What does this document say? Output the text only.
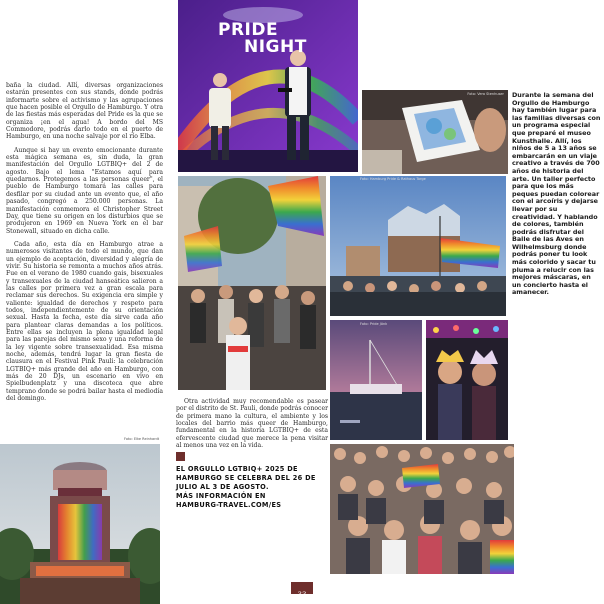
baña la ciudad. Allí, diversas organizaciones estarán presentes con sus stands, donde podrás informarte sobre el activismo y las agrupaciones que hacen posible el Orgullo de Hamburgo. Y otra de las fiestas más esperadas del Pride es la que se organiza ¡en el agua! A bordo del MS Commodore, podrás darlo todo en el puerto de Hamburgo, en una noche salvaje por el río Elba.

Aunque si hay un evento emocionante durante esta mágica semana es, sin duda, la gran manifestación del Orgullo LGTBIQ+ del 2 de agosto. Bajo el lema "Estamos aquí para quedarnos. Protegemos a las personas queer", el pueblo de Hamburgo tomará las calles para desfilar por su ciudad ante un evento que, el año pasado, congregó a 250.000 personas. La manifestación conmemora el Christopher Street Day, que tiene su origen en los disturbios que se produjeron en 1969 en Nueva York en el bar Stonewall, situado en dicha calle.

Cada año, esta día en Hamburgo atrae a numerosos visitantes de todo el mundo, que dan un ejemplo de aceptación, diversidad y alegría de vivir. Su historia se remonta a muchos años atrás. Fue en el verano de 1980 cuando gais, bisexuales y transexuales de la ciudad hanseática salieron a las calles por primera vez a gran escala para reclamar sus derechos. Su exigencia era simple y valiente: igualdad de derechos y respeto para todos, independientemente de su orientación sexual. Hasta la fecha, este día sirve cada año para plantear claras demandas a los políticos. Entre ellas se incluyen la plena igualdad legal para las parejas del mismo sexo y una reforma de la ley vigente sobre transexualidad. Esa misma noche, además, tendrá lugar la gran fiesta de clausura en el Festival Pink Pauli: la celebración LGTBIQ+ más grande del año en Hamburgo, con más de 20 DJs, un escenario en vivo en Spielbudenplatz y una discoteca que abre temprano donde se podrá bailar hasta el mediodía del domingo.

Foto: Elke Reinhardt
PRIDE
NIGHT
Foto: Vera Stenhuser Durante la semana del Orgullo de Hamburgo hay también lugar para las familias diversas con un programa especial que preparé el museo Kunsthalle. Allí, los niños de 5 a 13 años se embarcarán en un viaje creativo a través de 700 años de historia del arte. Un taller perfecto para que los más peques puedan colorear con el arcoíris y dejarse llevar por su creatividad. Y hablando de colores, también podrás disfrutar del Baile de las Aves en Wilhelmsburg donde podrás poner tu look más colorido y sacar tu pluma a relucir con las mejores máscaras, en un concierto hasta el amanecer.
Foto: Hamburg Pride & Rathaus Torge
Foto: Pride Jönk
Otra actividad muy recomendable es pasear por el distrito de St. Pauli, donde podrás conocer de primera mano la cultura, el ambiente y los locales del barrio más queer de Hamburgo, fundamental en la historia LGTBIQ+ de esta efervescente ciudad que merece la pena visitar al menos una vez en la vida.
EL ORGULLO LGTBIQ+ 2025 DE
HAMBURGO SE CELEBRA DEL 26 DE
JULIO AL 3 DE AGOSTO.
MÁS INFORMACIÓN EN
HAMBURG-TRAVEL.COM/ES
33
